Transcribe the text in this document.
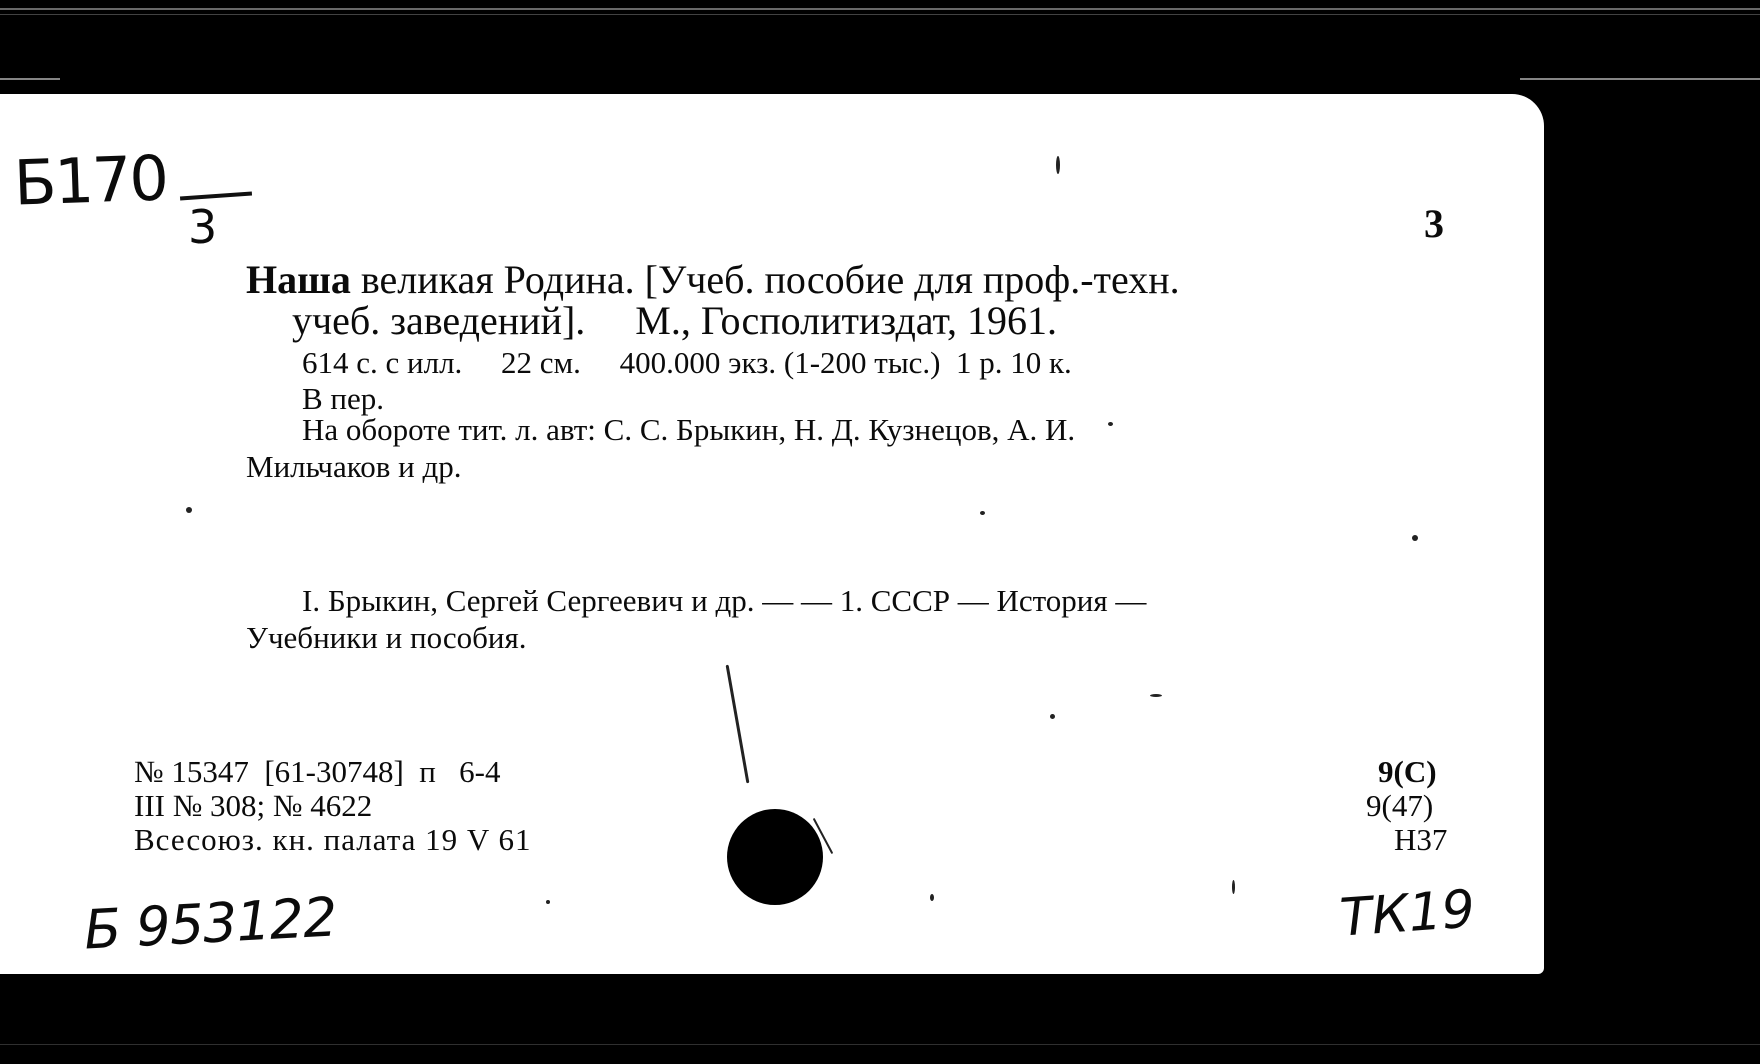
Б170
3	3
Наша великая Родина. [Учеб. пособие для проф.-техн.
учеб. заведений].     М., Госполитиздат, 1961.
614 с. с илл.     22 см.     400.000 экз. (1-200 тыс.)  1 р. 10 к.
В пер.
На обороте тит. л. авт: С. С. Брыкин, Н. Д. Кузнецов, А. И.
Мильчаков и др.
I. Брыкин, Сергей Сергеевич и др. — — 1. СССР — История —
Учебники и пособия.
№ 15347  [61-30748]  п   6-4
III № 308; № 4622
Всесоюз. кн. палата 19 V 61
9(С)
9(47)
Н37
Б 953122	ТК19
